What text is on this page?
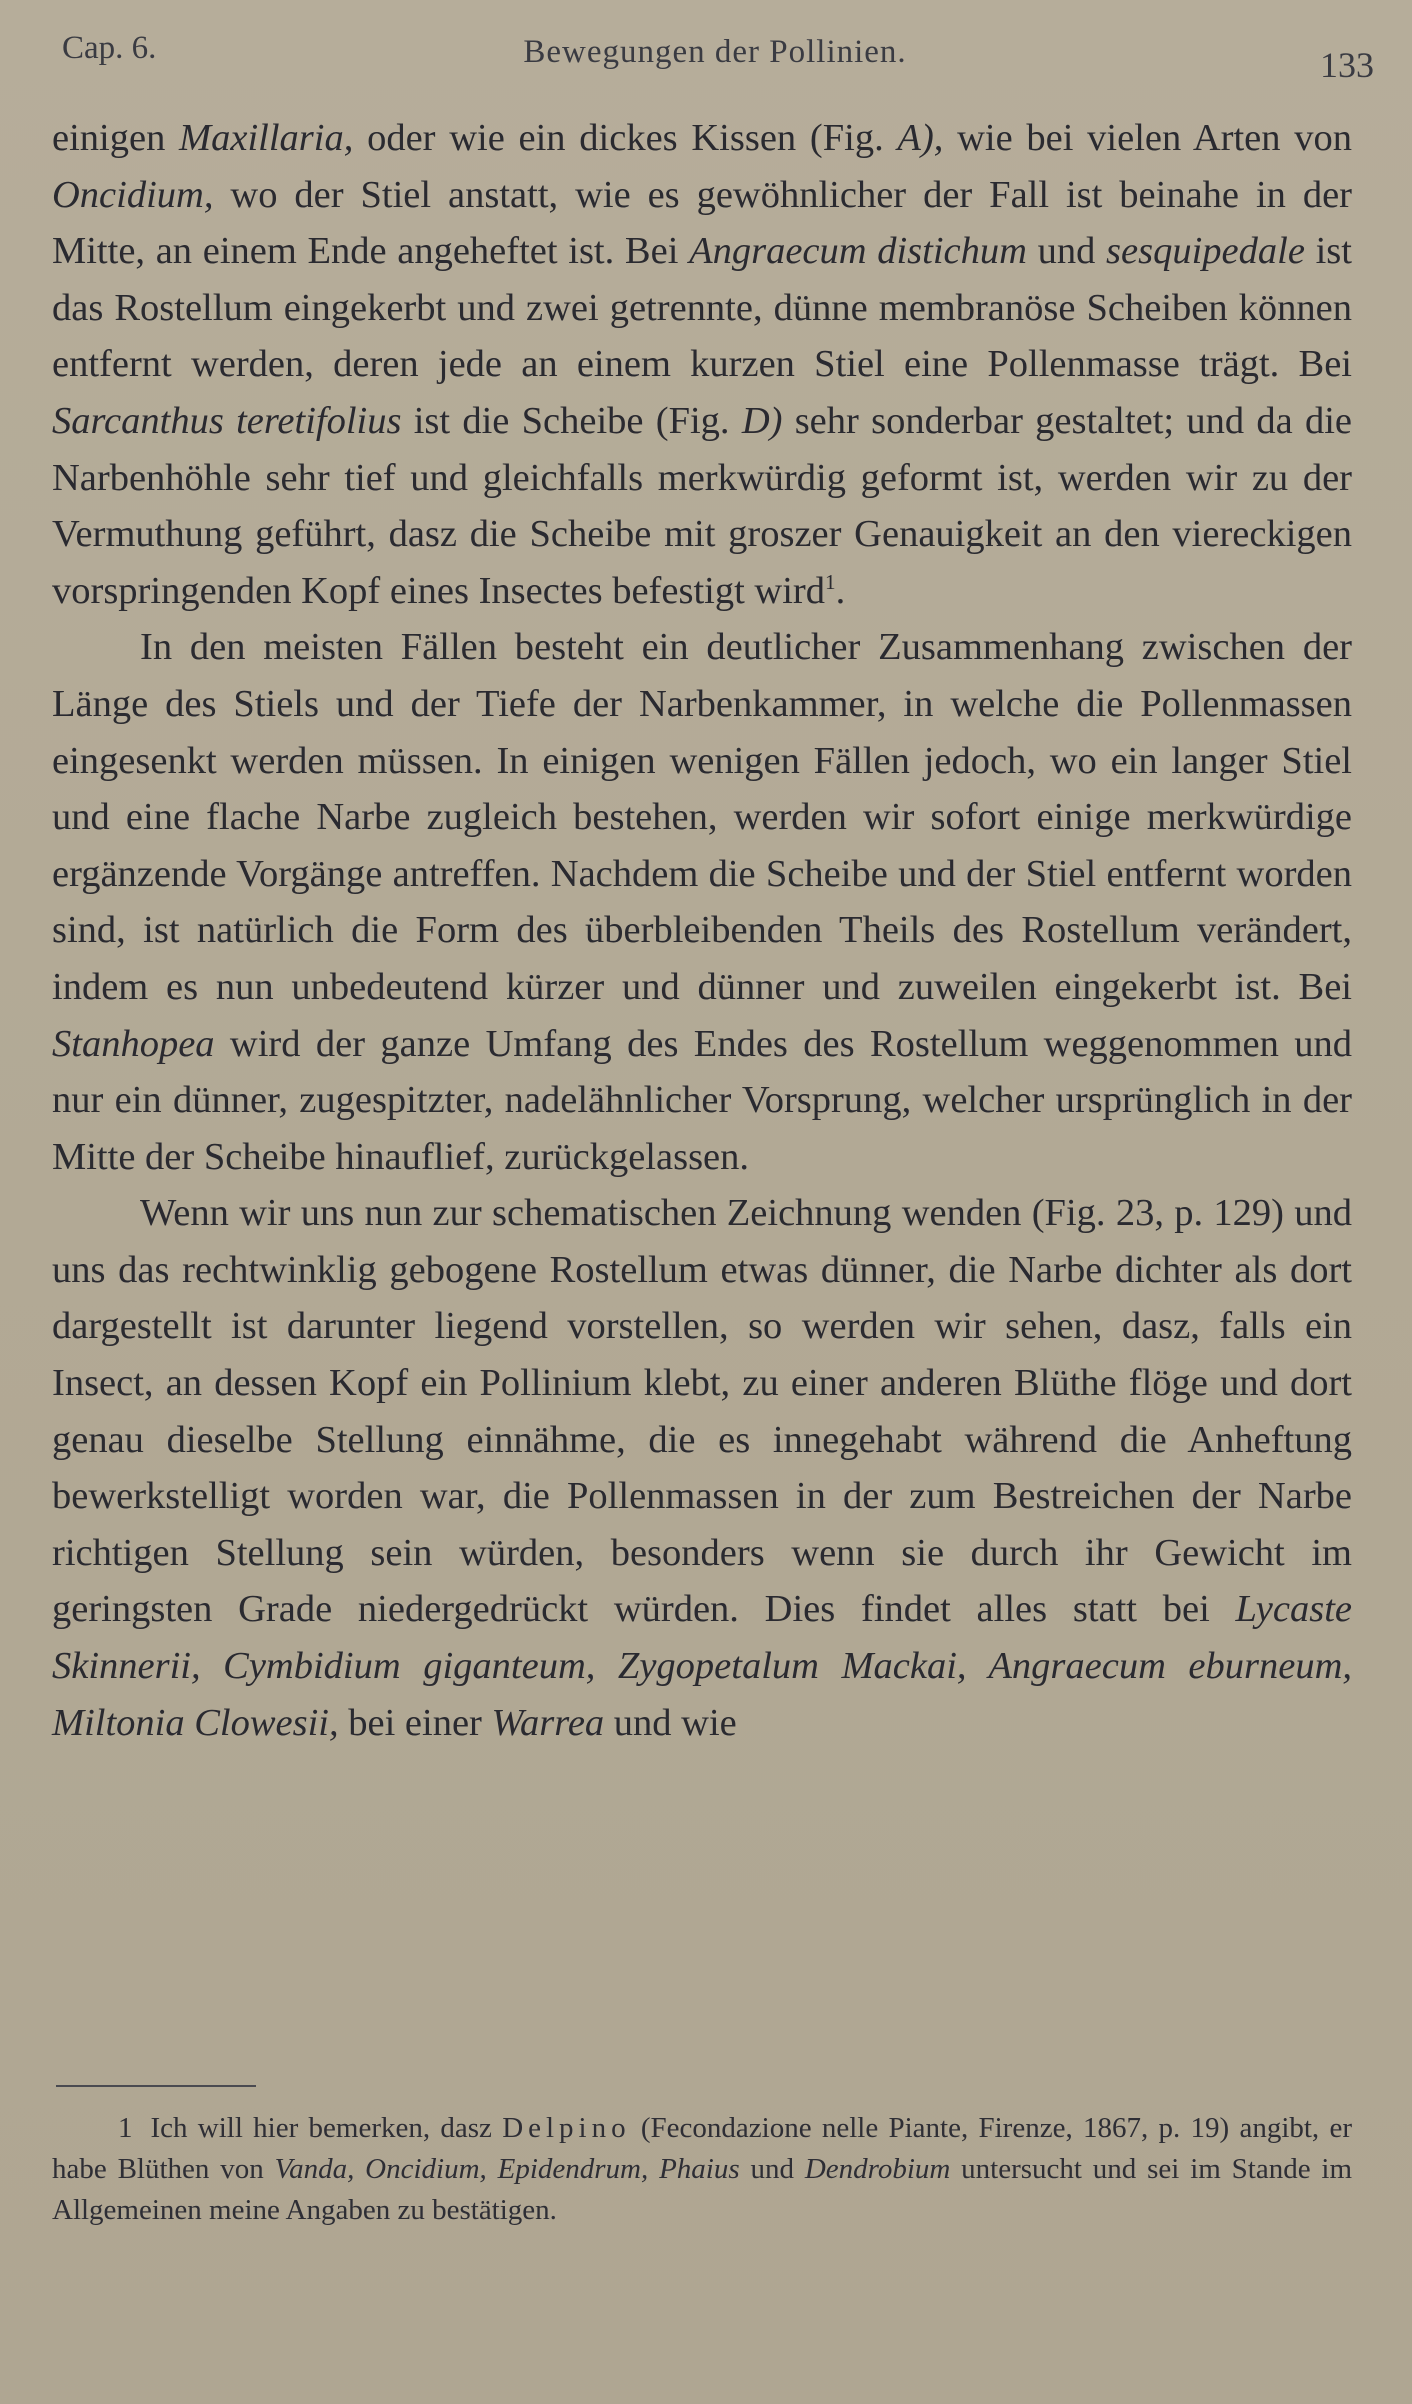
Cap. 6.	Bewegungen der Pollinien.	133

einigen Maxillaria, oder wie ein dickes Kissen (Fig. A), wie bei vielen Arten von Oncidium, wo der Stiel anstatt, wie es gewöhnlicher der Fall ist beinahe in der Mitte, an einem Ende angeheftet ist. Bei Angraecum distichum und sesquipedale ist das Rostellum eingekerbt und zwei getrennte, dünne membranöse Scheiben können entfernt werden, deren jede an einem kurzen Stiel eine Pollenmasse trägt. Bei Sarcanthus teretifolius ist die Scheibe (Fig. D) sehr sonderbar gestaltet; und da die Narbenhöhle sehr tief und gleichfalls merkwürdig geformt ist, werden wir zu der Vermuthung geführt, dasz die Scheibe mit groszer Genauigkeit an den viereckigen vorspringenden Kopf eines Insectes befestigt wird$^1$.

In den meisten Fällen besteht ein deutlicher Zusammenhang zwischen der Länge des Stiels und der Tiefe der Narbenkammer, in welche die Pollenmassen eingesenkt werden müssen. In einigen wenigen Fällen jedoch, wo ein langer Stiel und eine flache Narbe zugleich bestehen, werden wir sofort einige merkwürdige ergänzende Vorgänge antreffen. Nachdem die Scheibe und der Stiel entfernt worden sind, ist natürlich die Form des überbleibenden Theils des Rostellum verändert, indem es nun unbedeutend kürzer und dünner und zuweilen eingekerbt ist. Bei Stanhopea wird der ganze Umfang des Endes des Rostellum weggenommen und nur ein dünner, zugespitzter, nadelähnlicher Vorsprung, welcher ursprünglich in der Mitte der Scheibe hinauflief, zurückgelassen.

Wenn wir uns nun zur schematischen Zeichnung wenden (Fig. 23, p. 129) und uns das rechtwinklig gebogene Rostellum etwas dünner, die Narbe dichter als dort dargestellt ist darunter liegend vorstellen, so werden wir sehen, dasz, falls ein Insect, an dessen Kopf ein Pollinium klebt, zu einer anderen Blüthe flöge und dort genau dieselbe Stellung einnähme, die es innegehabt während die Anheftung bewerkstelligt worden war, die Pollenmassen in der zum Bestreichen der Narbe richtigen Stellung sein würden, besonders wenn sie durch ihr Gewicht im geringsten Grade niedergedrückt würden. Dies findet alles statt bei Lycaste Skinnerii, Cymbidium giganteum, Zygopetalum Mackai, Angraecum eburneum, Miltonia Clowesii, bei einer Warrea und wie

1 Ich will hier bemerken, dasz Delpino (Fecondazione nelle Piante, Firenze, 1867, p. 19) angibt, er habe Blüthen von Vanda, Oncidium, Epidendrum, Phaius und Dendrobium untersucht und sei im Stande im Allgemeinen meine Angaben zu bestätigen.
